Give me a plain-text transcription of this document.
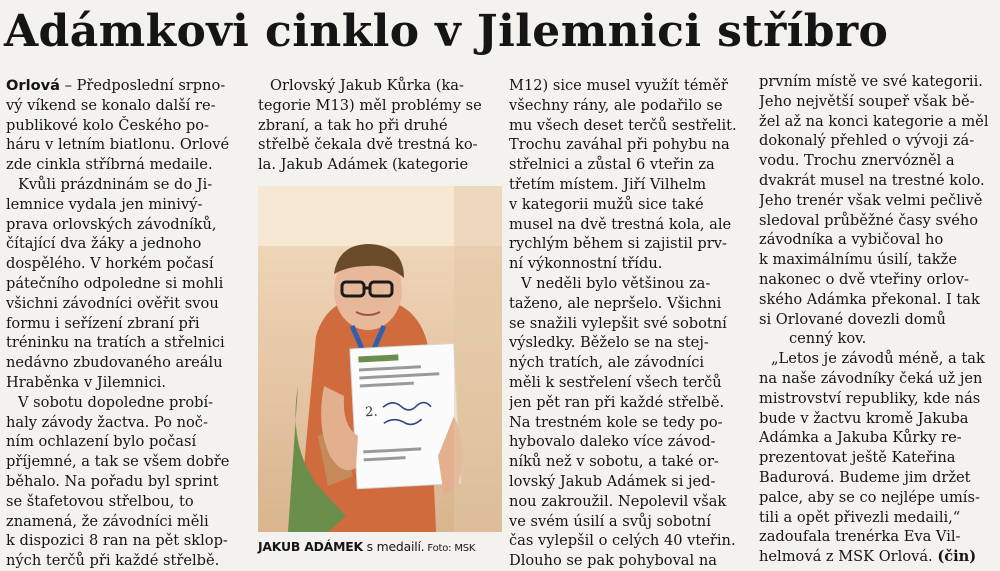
Adámkovi cinklo v Jilemnici stříbro

Orlová – Předposlední srpno-
vý víkend se konalo další re-
publikové kolo Českého po-
háru v letním biatlonu. Orlové
zde cinkla stříbrná medaile.

Kvůli prázdninám se do Ji-
lemnice vydala jen minivý-
prava orlovských závodníků,
čítající dva žáky a jednoho
dospělého. V horkém počasí
pátečního odpoledne si mohli
všichni závodníci ověřit svou
formu i seřízení zbraní při
tréninku na tratích a střelnici
nedávno zbudovaného areálu
Hraběnka v Jilemnici.

V sobotu dopoledne probí-
haly závody žactva. Po noč-
ním ochlazení bylo počasí
příjemné, a tak se všem dobře
běhalo. Na pořadu byl sprint
se štafetovou střelbou, to
znamená, že závodníci měli
k dispozici 8 ran na pět sklop-
ných terčů při každé střelbě.

Orlovský Jakub Kůrka (ka-
tegorie M13) měl problémy se
zbraní, a tak ho při druhé
střelbě čekala dvě trestná ko-
la. Jakub Adámek (kategorie

2.
JAKUB ADÁMEK s medailí. Foto: MSK

M12) sice musel využít téměř
všechny rány, ale podařilo se
mu všech deset terčů sestřelit.
Trochu zaváhal při pohybu na
střelnici a zůstal 6 vteřin za
třetím místem. Jiří Vilhelm
v kategorii mužů sice také
musel na dvě trestná kola, ale
rychlým během si zajistil prv-
ní výkonnostní třídu.

V neděli bylo většinou za-
taženo, ale nepršelo. Všichni
se snažili vylepšit své sobotní
výsledky. Běželo se na stej-
ných tratích, ale závodníci
měli k sestřelení všech terčů
jen pět ran při každé střelbě.
Na trestném kole se tedy po-
hybovalo daleko více závod-
níků než v sobotu, a také or-
lovský Jakub Adámek si jed-
nou zakroužil. Nepolevil však
ve svém úsilí a svůj sobotní
čas vylepšil o celých 40 vteřin.
Dlouho se pak pohyboval na

prvním místě ve své kategorii.
Jeho největší soupeř však bě-
žel až na konci kategorie a měl
dokonalý přehled o vývoji zá-
vodu. Trochu znervózněl a
dvakrát musel na trestné kolo.
Jeho trenér však velmi pečlivě
sledoval průběžné časy svého
závodníka a vybičoval ho
k maximálnímu úsilí, takže
nakonec o dvě vteřiny orlov-
ského Adámka překonal. I tak
si Orlované dovezli domů
cenný kov.

„Letos je závodů méně, a tak
na naše závodníky čeká už jen
mistrovství republiky, kde nás
bude v žactvu kromě Jakuba
Adámka a Jakuba Kůrky re-
prezentovat ještě Kateřina
Badurová. Budeme jim držet
palce, aby se co nejlépe umís-
tili a opět přivezli medaili,“
zadoufala trenérka Eva Vil-
helmová z MSK Orlová. (čin)
